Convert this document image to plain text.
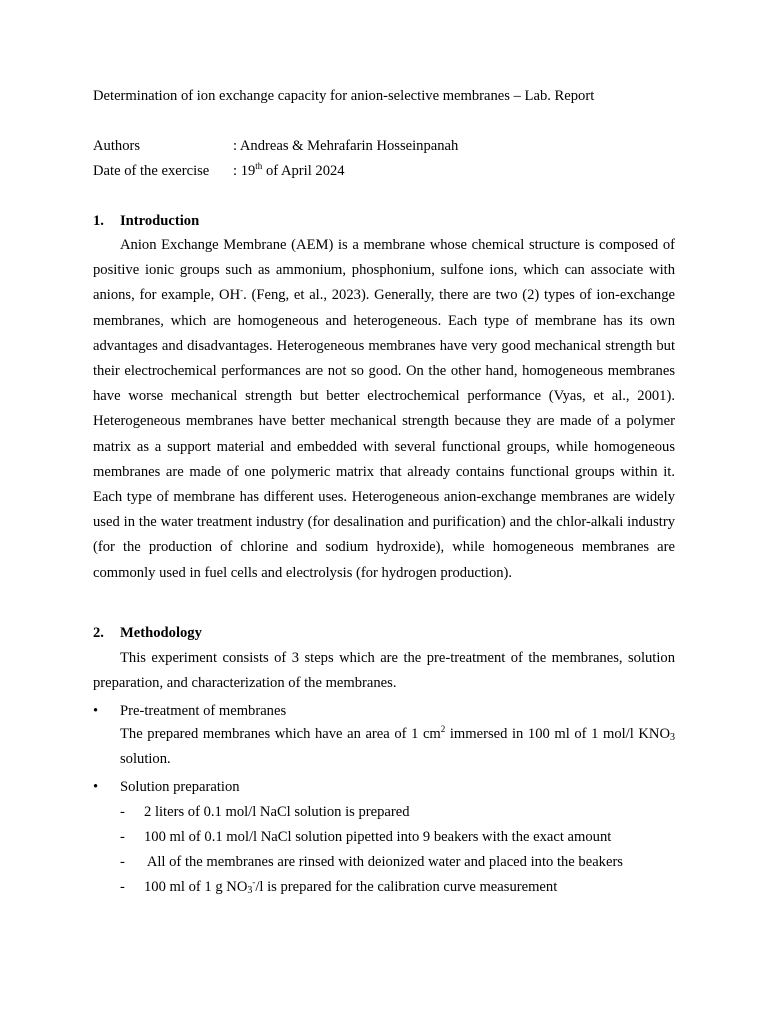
Determination of ion exchange capacity for anion-selective membranes – Lab. Report
Authors	: Andreas & Mehrafarin Hosseinpanah
Date of the exercise : 19th of April 2024
1. Introduction

Anion Exchange Membrane (AEM) is a membrane whose chemical structure is composed of positive ionic groups such as ammonium, phosphonium, sulfone ions, which can associate with anions, for example, OH-. (Feng, et al., 2023). Generally, there are two (2) types of ion-exchange membranes, which are homogeneous and heterogeneous. Each type of membrane has its own advantages and disadvantages. Heterogeneous membranes have very good mechanical strength but their electrochemical performances are not so good. On the other hand, homogeneous membranes have worse mechanical strength but better electrochemical performance (Vyas, et al., 2001). Heterogeneous membranes have better mechanical strength because they are made of a polymer matrix as a support material and embedded with several functional groups, while homogeneous membranes are made of one polymeric matrix that already contains functional groups within it. Each type of membrane has different uses. Heterogeneous anion-exchange membranes are widely used in the water treatment industry (for desalination and purification) and the chlor-alkali industry (for the production of chlorine and sodium hydroxide), while homogeneous membranes are commonly used in fuel cells and electrolysis (for hydrogen production).

2. Methodology

This experiment consists of 3 steps which are the pre-treatment of the membranes, solution preparation, and characterization of the membranes.

• Pre-treatment of membranes

The prepared membranes which have an area of 1 $cm^2$ immersed in 100 ml of 1 mol/l $KNO_3$ solution.

• Solution preparation
- 2 liters of 0.1 mol/l NaCl solution is prepared
- 100 ml of 0.1 mol/l NaCl solution pipetted into 9 beakers with the exact amount
- All of the membranes are rinsed with deionized water and placed into the beakers
- 100 ml of 1 g $NO_3^-/l$ is prepared for the calibration curve measurement
